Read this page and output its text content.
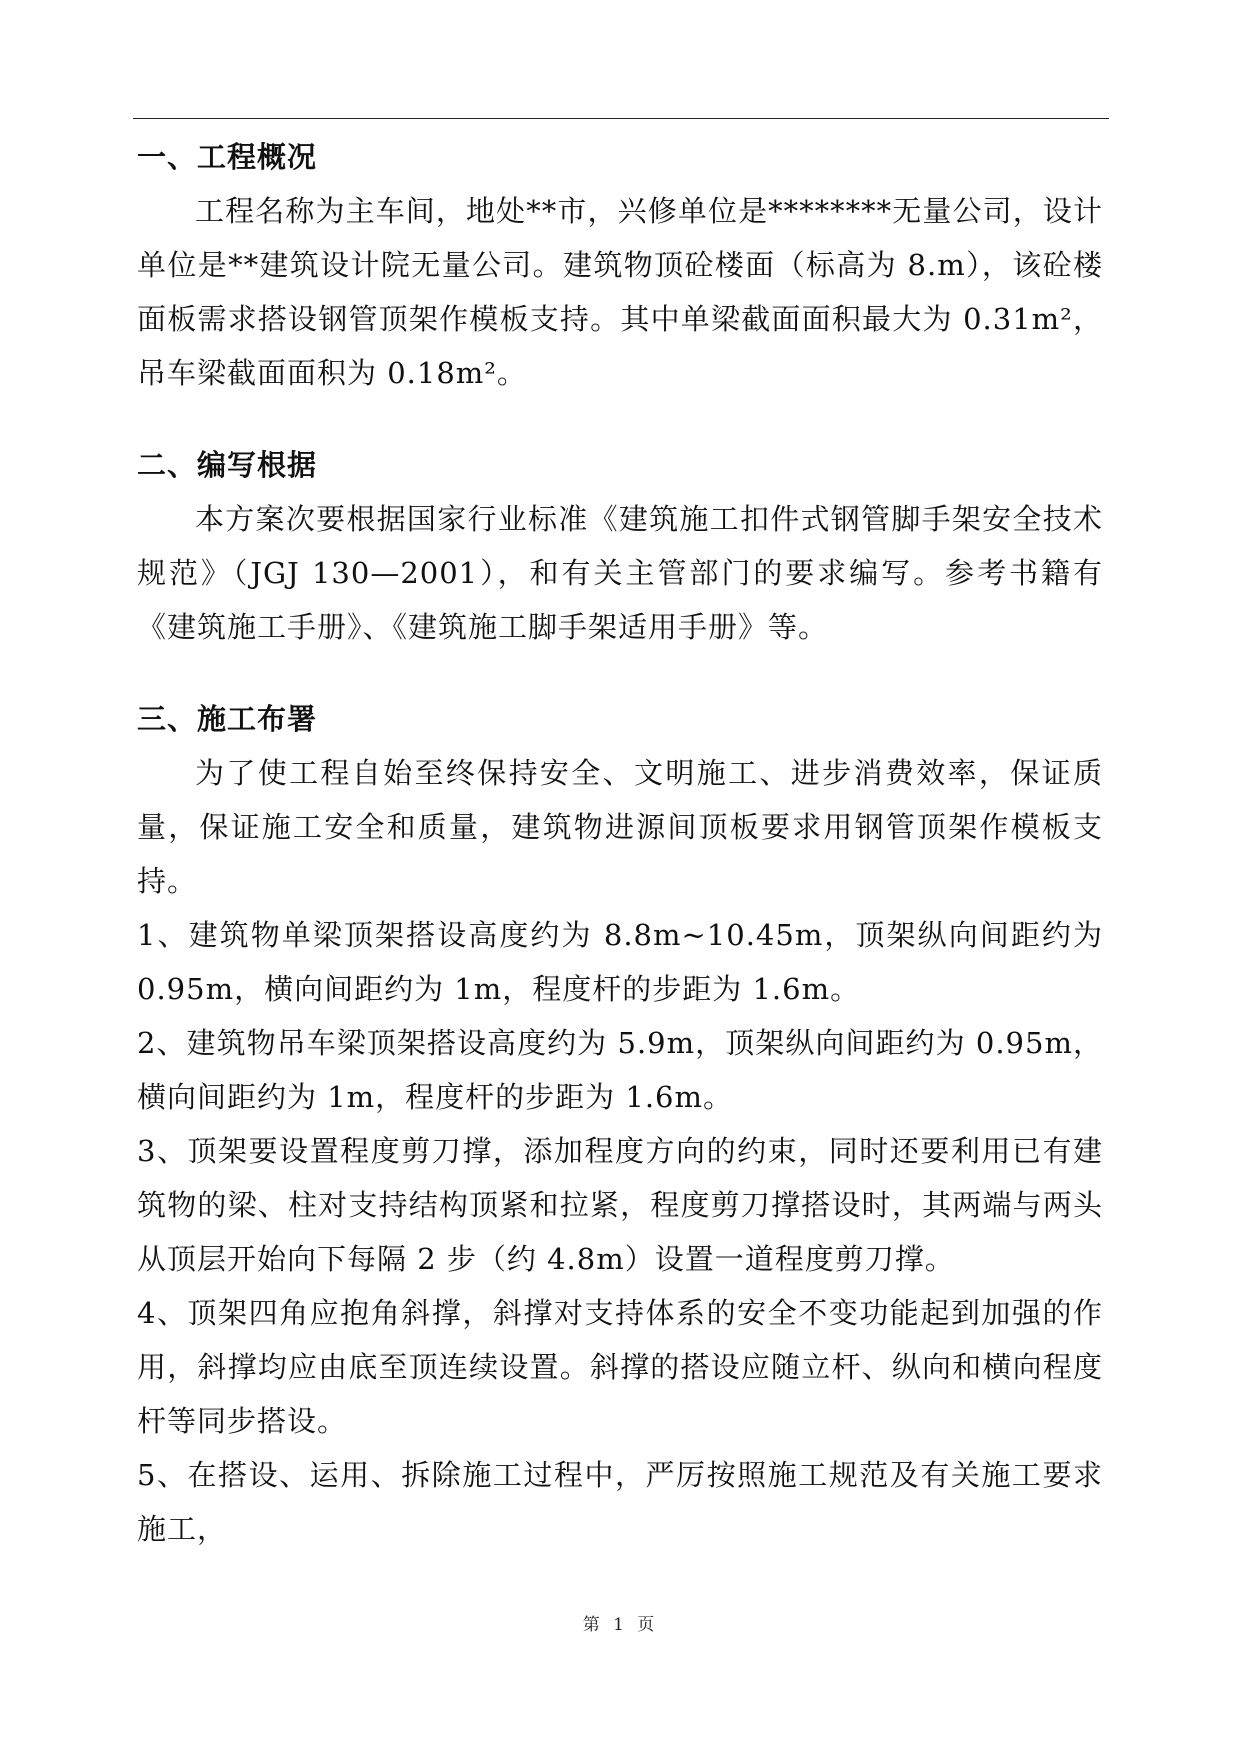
一、工程概况

工程名称为主车间，地处**市，兴修单位是********无量公司，设计单位是**建筑设计院无量公司。建筑物顶砼楼面（标高为 8.m），该砼楼面板需求搭设钢管顶架作模板支持。其中单梁截面面积最大为 0.31m²，吊车梁截面面积为 0.18m²。

二、编写根据

本方案次要根据国家行业标准《建筑施工扣件式钢管脚手架安全技术规范》（JGJ 130—2001），和有关主管部门的要求编写。参考书籍有《建筑施工手册》、《建筑施工脚手架适用手册》等。

三、施工布署

为了使工程自始至终保持安全、文明施工、进步消费效率，保证质量，保证施工安全和质量，建筑物进源间顶板要求用钢管顶架作模板支持。

1、建筑物单梁顶架搭设高度约为 8.8m~10.45m，顶架纵向间距约为 0.95m，横向间距约为 1m，程度杆的步距为 1.6m。

2、建筑物吊车梁顶架搭设高度约为 5.9m，顶架纵向间距约为 0.95m，横向间距约为 1m，程度杆的步距为 1.6m。

3、顶架要设置程度剪刀撑，添加程度方向的约束，同时还要利用已有建筑物的梁、柱对支持结构顶紧和拉紧，程度剪刀撑搭设时，其两端与两头从顶层开始向下每隔 2 步（约 4.8m）设置一道程度剪刀撑。

4、顶架四角应抱角斜撑，斜撑对支持体系的安全不变功能起到加强的作用，斜撑均应由底至顶连续设置。斜撑的搭设应随立杆、纵向和横向程度杆等同步搭设。

5、在搭设、运用、拆除施工过程中，严厉按照施工规范及有关施工要求施工，

第 1 页
